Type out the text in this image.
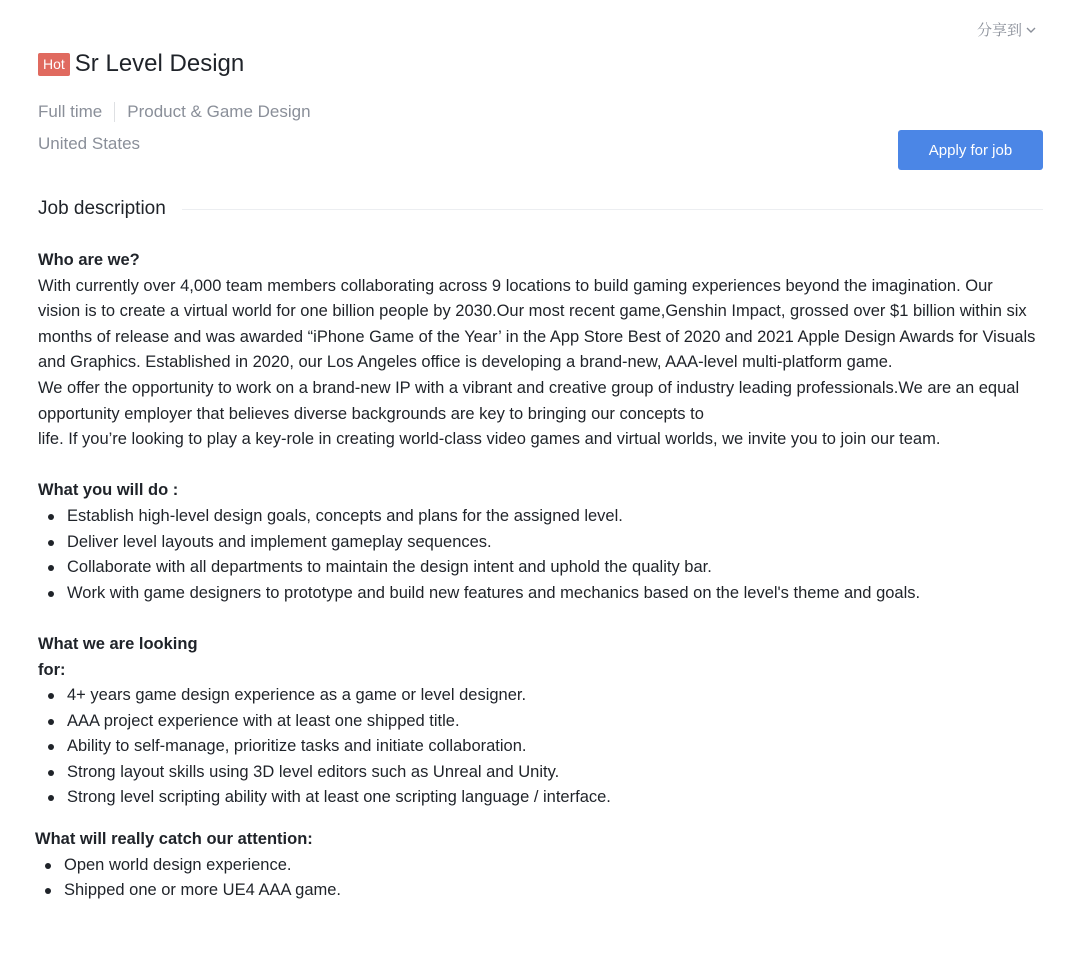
分享到
Hot Sr Level Design
Full time Product & Game Design
United States	Apply for job
Job description

Who are we?

With currently over 4,000 team members collaborating across 9 locations to build gaming experiences beyond the imagination. Our

vision is to create a virtual world for one billion people by 2030.Our most recent game,Genshin Impact, grossed over $1 billion within six months of release and was awarded “iPhone Game of the Year’ in the App Store Best of 2020 and 2021 Apple Design Awards for Visuals and Graphics. Established in 2020, our Los Angeles office is developing a brand-new, AAA-level multi-platform game.

We offer the opportunity to work on a brand-new IP with a vibrant and creative group of industry leading professionals.We are an equal opportunity employer that believes diverse backgrounds are key to bringing our concepts to

life. If you’re looking to play a key-role in creating world-class video games and virtual worlds, we invite you to join our team.

What you will do :

Establish high-level design goals, concepts and plans for the assigned level.
Deliver level layouts and implement gameplay sequences.
Collaborate with all departments to maintain the design intent and uphold the quality bar.
Work with game designers to prototype and build new features and mechanics based on the level's theme and goals.

What we are looking

for:

4+ years game design experience as a game or level designer.
AAA project experience with at least one shipped title.
Ability to self-manage, prioritize tasks and initiate collaboration.
Strong layout skills using 3D level editors such as Unreal and Unity.
Strong level scripting ability with at least one scripting language / interface.

What will really catch our attention:

Open world design experience.
Shipped one or more UE4 AAA game.
